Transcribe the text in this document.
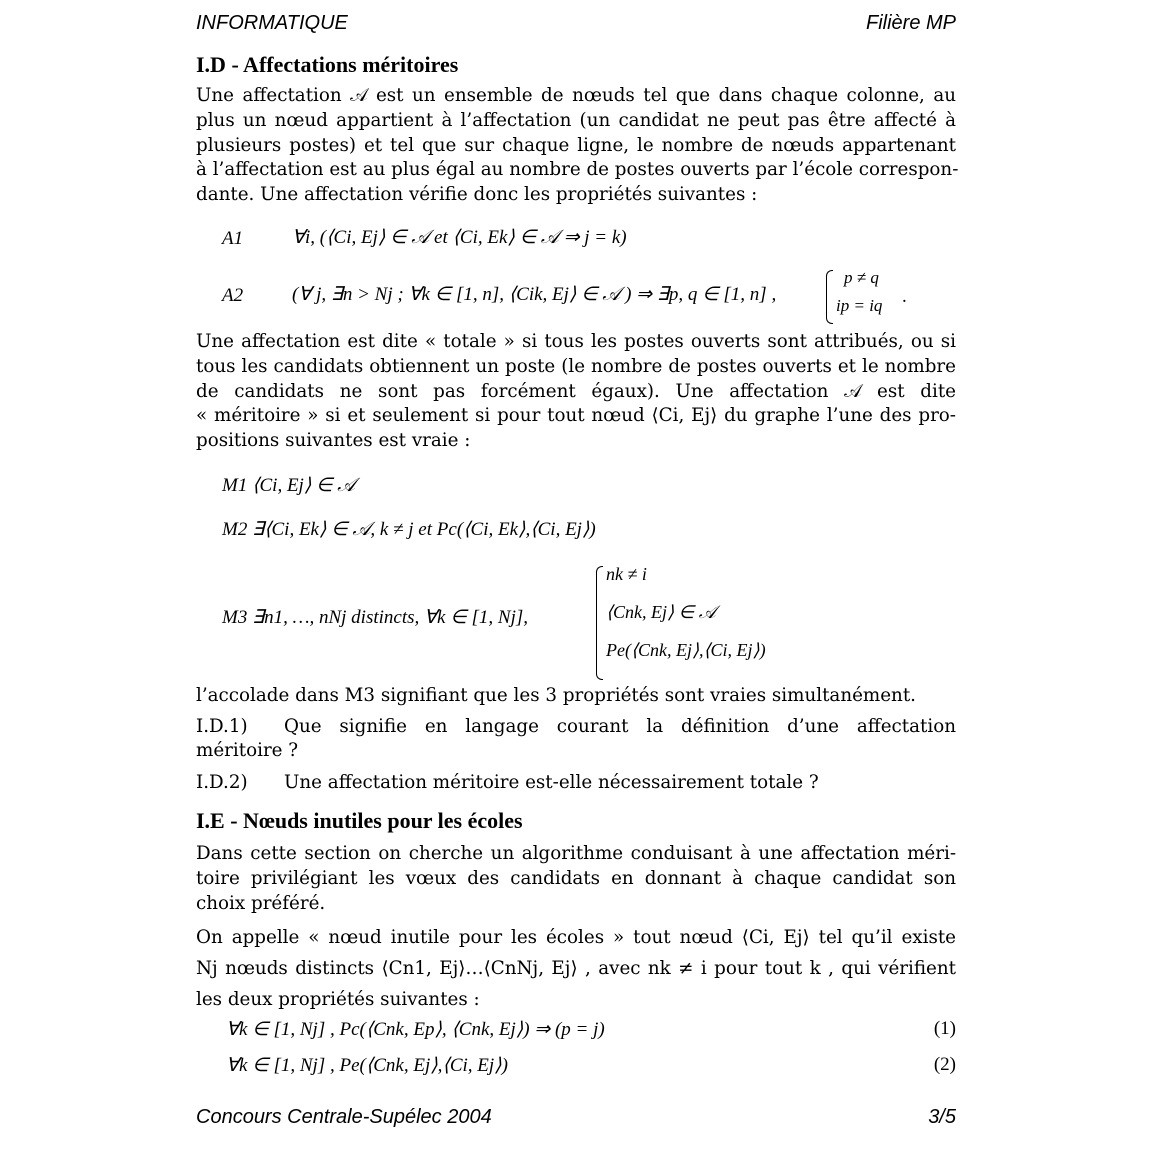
INFORMATIQUE	Filière MP
I.D - Affectations méritoires
Une affectation 𝒜 est un ensemble de nœuds tel que dans chaque colonne, au
plus un nœud appartient à l’affectation (un candidat ne peut pas être affecté à
plusieurs postes) et tel que sur chaque ligne, le nombre de nœuds appartenant
à l’affectation est au plus égal au nombre de postes ouverts par l’école correspon-
dante. Une affectation vérifie donc les propriétés suivantes :
A1	∀i, (⟨Ci, Ej⟩ ∈ 𝒜 et ⟨Ci, Ek⟩ ∈ 𝒜 ⇒ j = k)
A2	(∀ j, ∃n > Nj ; ∀k ∈ [1, n], ⟨Cik, Ej⟩ ∈ 𝒜 ) ⇒ ∃p, q ∈ [1, n] ,
p ≠ q
ip = iq .
Une affectation est dite « totale » si tous les postes ouverts sont attribués, ou si
tous les candidats obtiennent un poste (le nombre de postes ouverts et le nombre
de candidats ne sont pas forcément égaux). Une affectation 𝒜 est dite
« méritoire » si et seulement si pour tout nœud ⟨Ci, Ej⟩ du graphe l’une des pro-
positions suivantes est vraie :
M1 ⟨Ci, Ej⟩ ∈ 𝒜
M2 ∃⟨Ci, Ek⟩ ∈ 𝒜, k ≠ j et Pc(⟨Ci, Ek⟩,⟨Ci, Ej⟩)
M3 ∃n1, …, nNj distincts, ∀k ∈ [1, Nj],
nk ≠ i
⟨Cnk, Ej⟩ ∈ 𝒜
Pe(⟨Cnk, Ej⟩,⟨Ci, Ej⟩)
l’accolade dans M3 signifiant que les 3 propriétés sont vraies simultanément.
I.D.1) Que signifie en langage courant la définition d’une affectation
méritoire ?
I.D.2) Une affectation méritoire est-elle nécessairement totale ?
I.E - Nœuds inutiles pour les écoles
Dans cette section on cherche un algorithme conduisant à une affectation méri-
toire privilégiant les vœux des candidats en donnant à chaque candidat son
choix préféré.
On appelle « nœud inutile pour les écoles » tout nœud ⟨Ci, Ej⟩ tel qu’il existe
Nj nœuds distincts ⟨Cn1, Ej⟩…⟨CnNj, Ej⟩ , avec nk ≠ i pour tout k , qui vérifient
les deux propriétés suivantes :
∀k ∈ [1, Nj] , Pc(⟨Cnk, Ep⟩, ⟨Cnk, Ej⟩) ⇒ (p = j)	(1)
∀k ∈ [1, Nj] , Pe(⟨Cnk, Ej⟩,⟨Ci, Ej⟩)	(2)
Concours Centrale-Supélec 2004	3/5
